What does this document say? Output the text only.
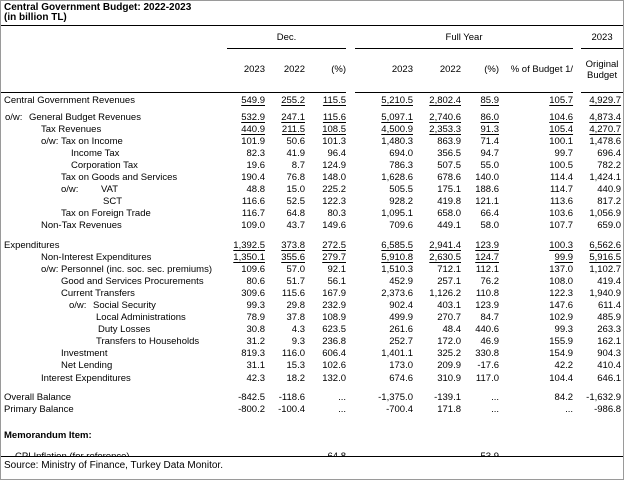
Central Government Budget: 2022-2023
(in billion TL)
	Dec.				Full Year					2023
	2023	2022	(%)		2023	2022	(%)	% of Budget 1/		Original Budget
Central Government Revenues	549.9	255.2	115.5		5,210.5	2,802.4	85.9	105.7		4,929.7
o/w: General Budget Revenues	532.9	247.1	115.6		5,097.1	2,740.6	86.0	104.6		4,873.4
Tax Revenues	440.9	211.5	108.5		4,500.9	2,353.3	91.3	105.4		4,270.7
o/w: Tax on Income	101.9	50.6	101.3		1,480.3	863.9	71.4	100.1		1,478.6
Income Tax	82.3	41.9	96.4		694.0	356.5	94.7	99.7		696.4
Corporation Tax	19.6	8.7	124.9		786.3	507.5	55.0	100.5		782.2
Tax on Goods and Services	190.4	76.8	148.0		1,628.6	678.6	140.0	114.4		1,424.1
o/w: VAT	48.8	15.0	225.2		505.5	175.1	188.6	114.7		440.9
SCT	116.6	52.5	122.3		928.2	419.8	121.1	113.6		817.2
Tax on Foreign Trade	116.7	64.8	80.3		1,095.1	658.0	66.4	103.6		1,056.9
Non-Tax Revenues	109.0	43.7	149.6		709.6	449.1	58.0	107.7		659.0
Expenditures	1,392.5	373.8	272.5		6,585.5	2,941.4	123.9	100.3		6,562.6
Non-Interest Expenditures	1,350.1	355.6	279.7		5,910.8	2,630.5	124.7	99.9		5,916.5
o/w: Personnel (inc. soc. sec. premiums)	109.6	57.0	92.1		1,510.3	712.1	112.1	137.0		1,102.7
Good and Services Procurements	80.6	51.7	56.1		452.9	257.1	76.2	108.0		419.4
Current Transfers	309.6	115.6	167.9		2,373.6	1,126.2	110.8	122.3		1,940.9
o/w: Social Security	99.3	29.8	232.9		902.4	403.1	123.9	147.6		611.4
Local Administrations	78.9	37.8	108.9		499.9	270.7	84.7	102.9		485.9
Duty Losses	30.8	4.3	623.5		261.6	48.4	440.6	99.3		263.3
Transfers to Households	31.2	9.3	236.8		252.7	172.0	46.9	155.9		162.1
Investment	819.3	116.0	606.4		1,401.1	325.2	330.8	154.9		904.3
Net Lending	31.1	15.3	102.6		173.0	209.9	-17.6	42.2		410.4
Interest Expenditures	42.3	18.2	132.0		674.6	310.9	117.0	104.4		646.1
Overall Balance	-842.5	-118.6	...		-1,375.0	-139.1	...	84.2		-1,632.9
Primary Balance	-800.2	-100.4	...		-700.4	171.8	...	...		-986.8
Memorandum Item:										

Source: Ministry of Finance, Turkey Data Monitor.
